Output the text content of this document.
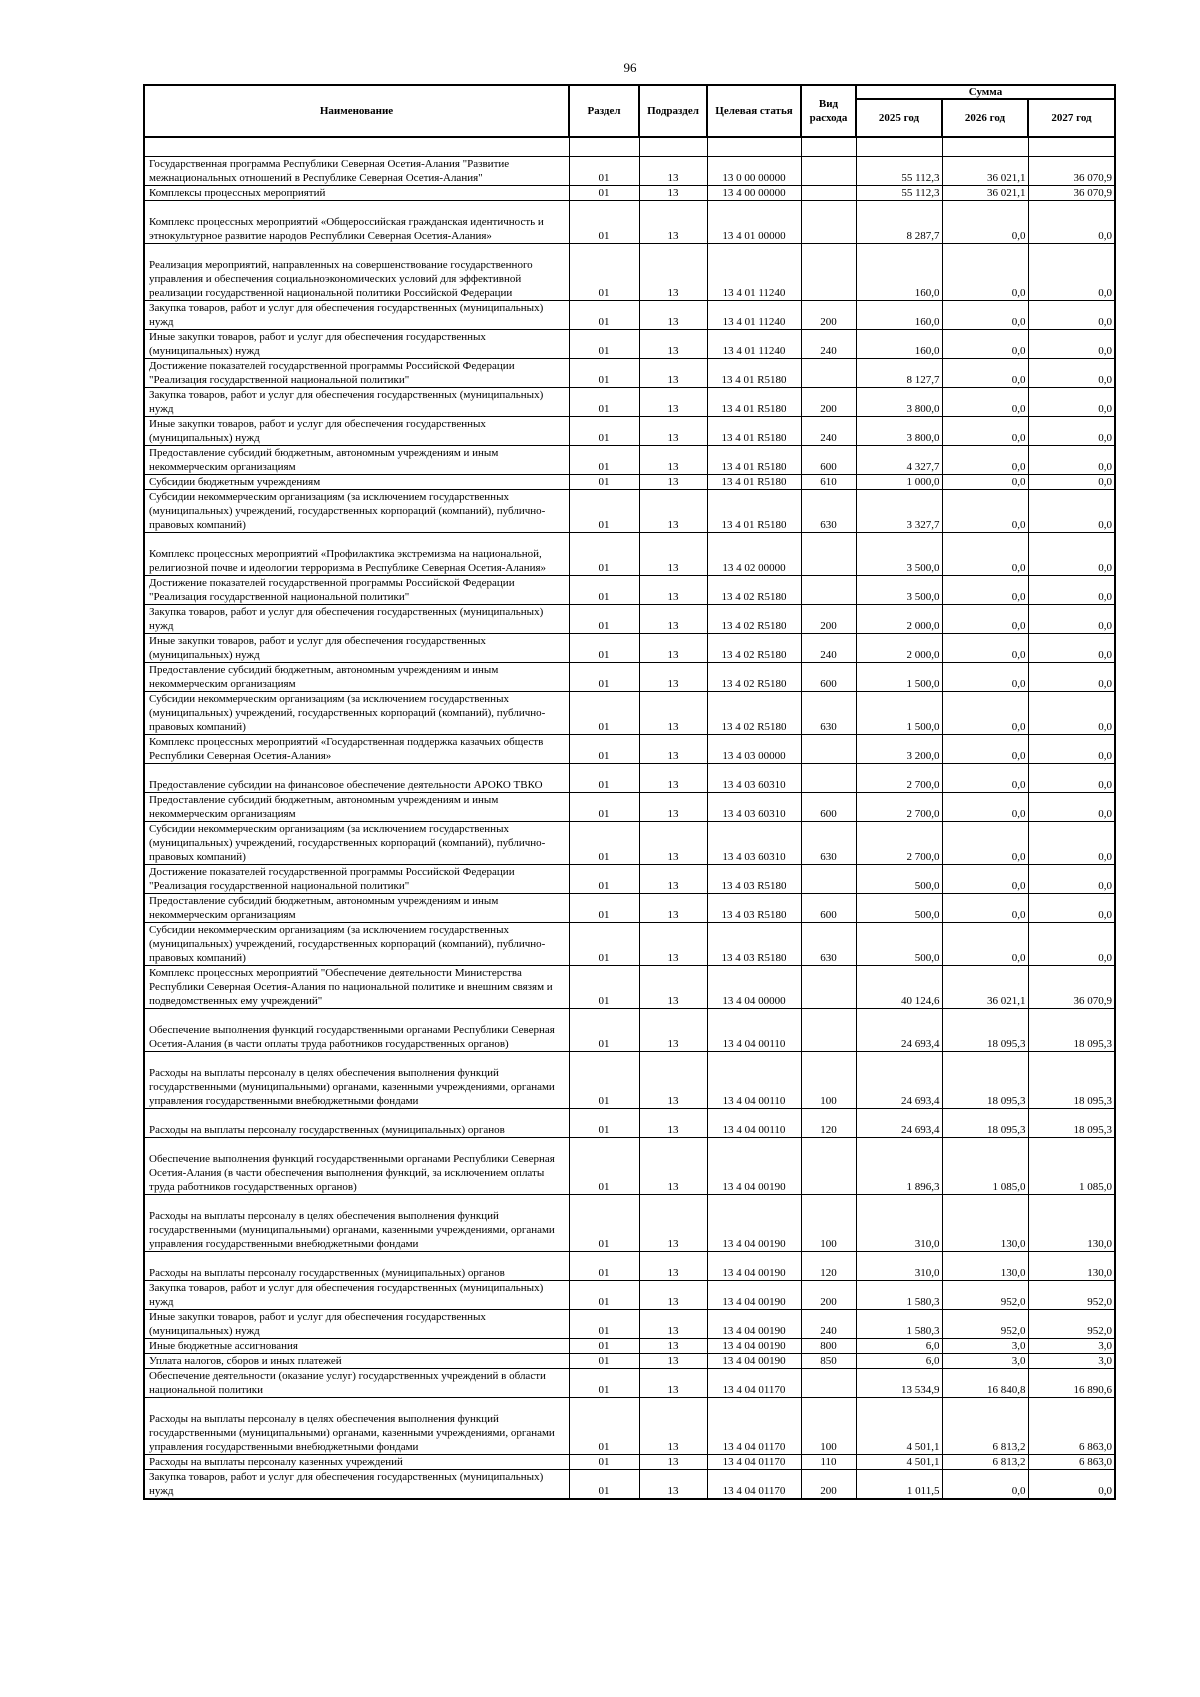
96
Наименование	Раздел	Подраздел	Целевая статья	Вид расхода	Сумма		
					2025 год	2026 год	2027 год

Государственная программа Республики Северная Осетия-Алания "Развитие межнациональных отношений в Республике Северная Осетия-Алания"	01	13	13 0 00 00000		55 112,3	36 021,1	36 070,9
Комплексы процессных мероприятий	01	13	13 4 00 00000		55 112,3	36 021,1	36 070,9
Комплекс процессных мероприятий «Общероссийская гражданская идентичность и этнокультурное развитие народов Республики Северная Осетия-Алания»	01	13	13 4 01 00000		8 287,7	0,0	0,0
Реализация мероприятий, направленных на совершенствование государственного управления и обеспечения социальноэкономических условий для эффективной реализации государственной национальной политики Российской Федерации	01	13	13 4 01 11240		160,0	0,0	0,0
Закупка товаров, работ и услуг для обеспечения государственных (муниципальных) нужд	01	13	13 4 01 11240	200	160,0	0,0	0,0
Иные закупки товаров, работ и услуг для обеспечения государственных (муниципальных) нужд	01	13	13 4 01 11240	240	160,0	0,0	0,0
Достижение показателей государственной программы Российской Федерации "Реализация государственной национальной политики"	01	13	13 4 01 R5180		8 127,7	0,0	0,0
Закупка товаров, работ и услуг для обеспечения государственных (муниципальных) нужд	01	13	13 4 01 R5180	200	3 800,0	0,0	0,0
Иные закупки товаров, работ и услуг для обеспечения государственных (муниципальных) нужд	01	13	13 4 01 R5180	240	3 800,0	0,0	0,0
Предоставление субсидий бюджетным, автономным учреждениям и иным некоммерческим организациям	01	13	13 4 01 R5180	600	4 327,7	0,0	0,0
Субсидии бюджетным учреждениям	01	13	13 4 01 R5180	610	1 000,0	0,0	0,0
Субсидии некоммерческим организациям (за исключением государственных (муниципальных) учреждений, государственных корпораций (компаний), публично-правовых компаний)	01	13	13 4 01 R5180	630	3 327,7	0,0	0,0
Комплекс процессных мероприятий «Профилактика экстремизма на национальной, религиозной почве и идеологии терроризма в Республике Северная Осетия-Алания»	01	13	13 4 02 00000		3 500,0	0,0	0,0
Достижение показателей государственной программы Российской Федерации "Реализация государственной национальной политики"	01	13	13 4 02 R5180		3 500,0	0,0	0,0
Закупка товаров, работ и услуг для обеспечения государственных (муниципальных) нужд	01	13	13 4 02 R5180	200	2 000,0	0,0	0,0
Иные закупки товаров, работ и услуг для обеспечения государственных (муниципальных) нужд	01	13	13 4 02 R5180	240	2 000,0	0,0	0,0
Предоставление субсидий бюджетным, автономным учреждениям и иным некоммерческим организациям	01	13	13 4 02 R5180	600	1 500,0	0,0	0,0
Субсидии некоммерческим организациям (за исключением государственных (муниципальных) учреждений, государственных корпораций (компаний), публично-правовых компаний)	01	13	13 4 02 R5180	630	1 500,0	0,0	0,0
Комплекс процессных мероприятий «Государственная поддержка казачьих обществ Республики Северная Осетия-Алания»	01	13	13 4 03 00000		3 200,0	0,0	0,0
Предоставление субсидии на финансовое обеспечение деятельности АРОКО ТВКО	01	13	13 4 03 60310		2 700,0	0,0	0,0
Предоставление субсидий бюджетным, автономным учреждениям и иным некоммерческим организациям	01	13	13 4 03 60310	600	2 700,0	0,0	0,0
Субсидии некоммерческим организациям (за исключением государственных (муниципальных) учреждений, государственных корпораций (компаний), публично-правовых компаний)	01	13	13 4 03 60310	630	2 700,0	0,0	0,0
Достижение показателей государственной программы Российской Федерации "Реализация государственной национальной политики"	01	13	13 4 03 R5180		500,0	0,0	0,0
Предоставление субсидий бюджетным, автономным учреждениям и иным некоммерческим организациям	01	13	13 4 03 R5180	600	500,0	0,0	0,0
Субсидии некоммерческим организациям (за исключением государственных (муниципальных) учреждений, государственных корпораций (компаний), публично-правовых компаний)	01	13	13 4 03 R5180	630	500,0	0,0	0,0
Комплекс процессных мероприятий "Обеспечение деятельности Министерства Республики Северная Осетия-Алания по национальной политике и внешним связям и подведомственных ему учреждений"	01	13	13 4 04 00000		40 124,6	36 021,1	36 070,9
Обеспечение выполнения функций государственными органами Республики Северная Осетия-Алания (в части оплаты труда работников государственных органов)	01	13	13 4 04 00110		24 693,4	18 095,3	18 095,3
Расходы на выплаты персоналу в целях обеспечения выполнения функций государственными (муниципальными) органами, казенными учреждениями, органами управления государственными внебюджетными фондами	01	13	13 4 04 00110	100	24 693,4	18 095,3	18 095,3
Расходы на выплаты персоналу государственных (муниципальных) органов	01	13	13 4 04 00110	120	24 693,4	18 095,3	18 095,3
Обеспечение выполнения функций государственными органами Республики Северная Осетия-Алания (в части обеспечения выполнения функций, за исключением оплаты труда работников государственных органов)	01	13	13 4 04 00190		1 896,3	1 085,0	1 085,0
Расходы на выплаты персоналу в целях обеспечения выполнения функций государственными (муниципальными) органами, казенными учреждениями, органами управления государственными внебюджетными фондами	01	13	13 4 04 00190	100	310,0	130,0	130,0
Расходы на выплаты персоналу государственных (муниципальных) органов	01	13	13 4 04 00190	120	310,0	130,0	130,0
Закупка товаров, работ и услуг для обеспечения государственных (муниципальных) нужд	01	13	13 4 04 00190	200	1 580,3	952,0	952,0
Иные закупки товаров, работ и услуг для обеспечения государственных (муниципальных) нужд	01	13	13 4 04 00190	240	1 580,3	952,0	952,0
Иные бюджетные ассигнования	01	13	13 4 04 00190	800	6,0	3,0	3,0
Уплата налогов, сборов и иных платежей	01	13	13 4 04 00190	850	6,0	3,0	3,0
Обеспечение деятельности (оказание услуг) государственных учреждений в области национальной политики	01	13	13 4 04 01170		13 534,9	16 840,8	16 890,6
Расходы на выплаты персоналу в целях обеспечения выполнения функций государственными (муниципальными) органами, казенными учреждениями, органами управления государственными внебюджетными фондами	01	13	13 4 04 01170	100	4 501,1	6 813,2	6 863,0
Расходы на выплаты персоналу казенных учреждений	01	13	13 4 04 01170	110	4 501,1	6 813,2	6 863,0
Закупка товаров, работ и услуг для обеспечения государственных (муниципальных) нужд	01	13	13 4 04 01170	200	1 011,5	0,0	0,0
